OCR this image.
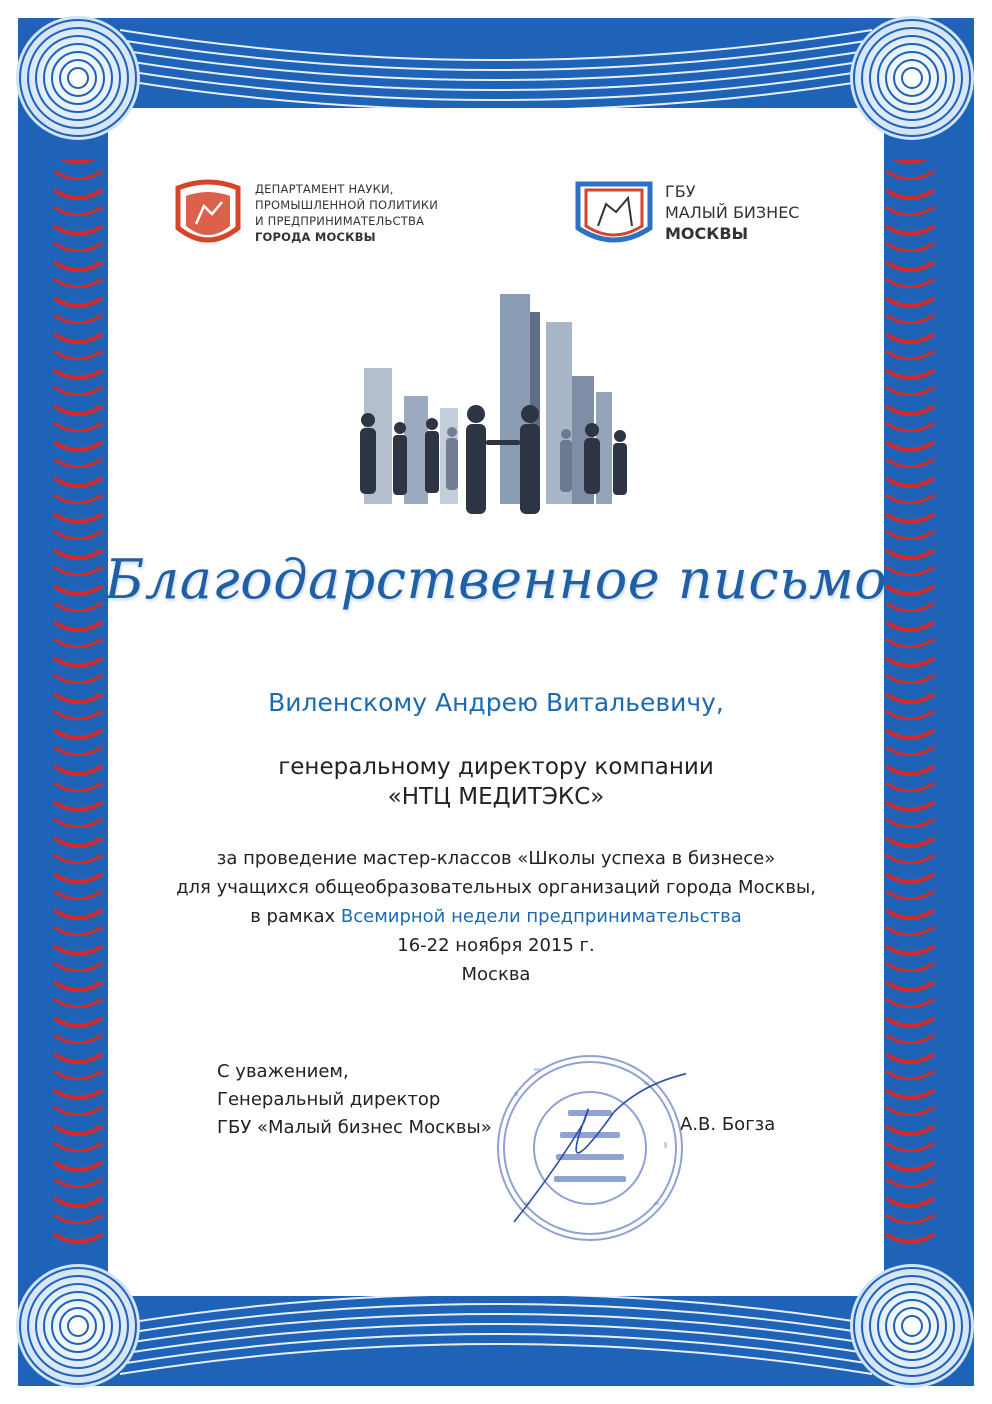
ДЕПАРТАМЕНТ НАУКИ,
ПРОМЫШЛЕННОЙ ПОЛИТИКИ
И ПРЕДПРИНИМАТЕЛЬСТВА
ГОРОДА МОСКВЫ
ГБУ
МАЛЫЙ БИЗНЕС
МОСКВЫ
Благодарственное письмо
Виленскому Андрею Витальевичу,
генеральному директору компании
«НТЦ МЕДИТЭКС»
за проведение мастер-классов «Школы успеха в бизнесе»
для учащихся общеобразовательных организаций города Москвы,
в рамках Всемирной недели предпринимательства
16-22 ноября 2015 г.
Москва
С уважением,
Генеральный директор
ГБУ «Малый бизнес Москвы»	А.В. Богза
